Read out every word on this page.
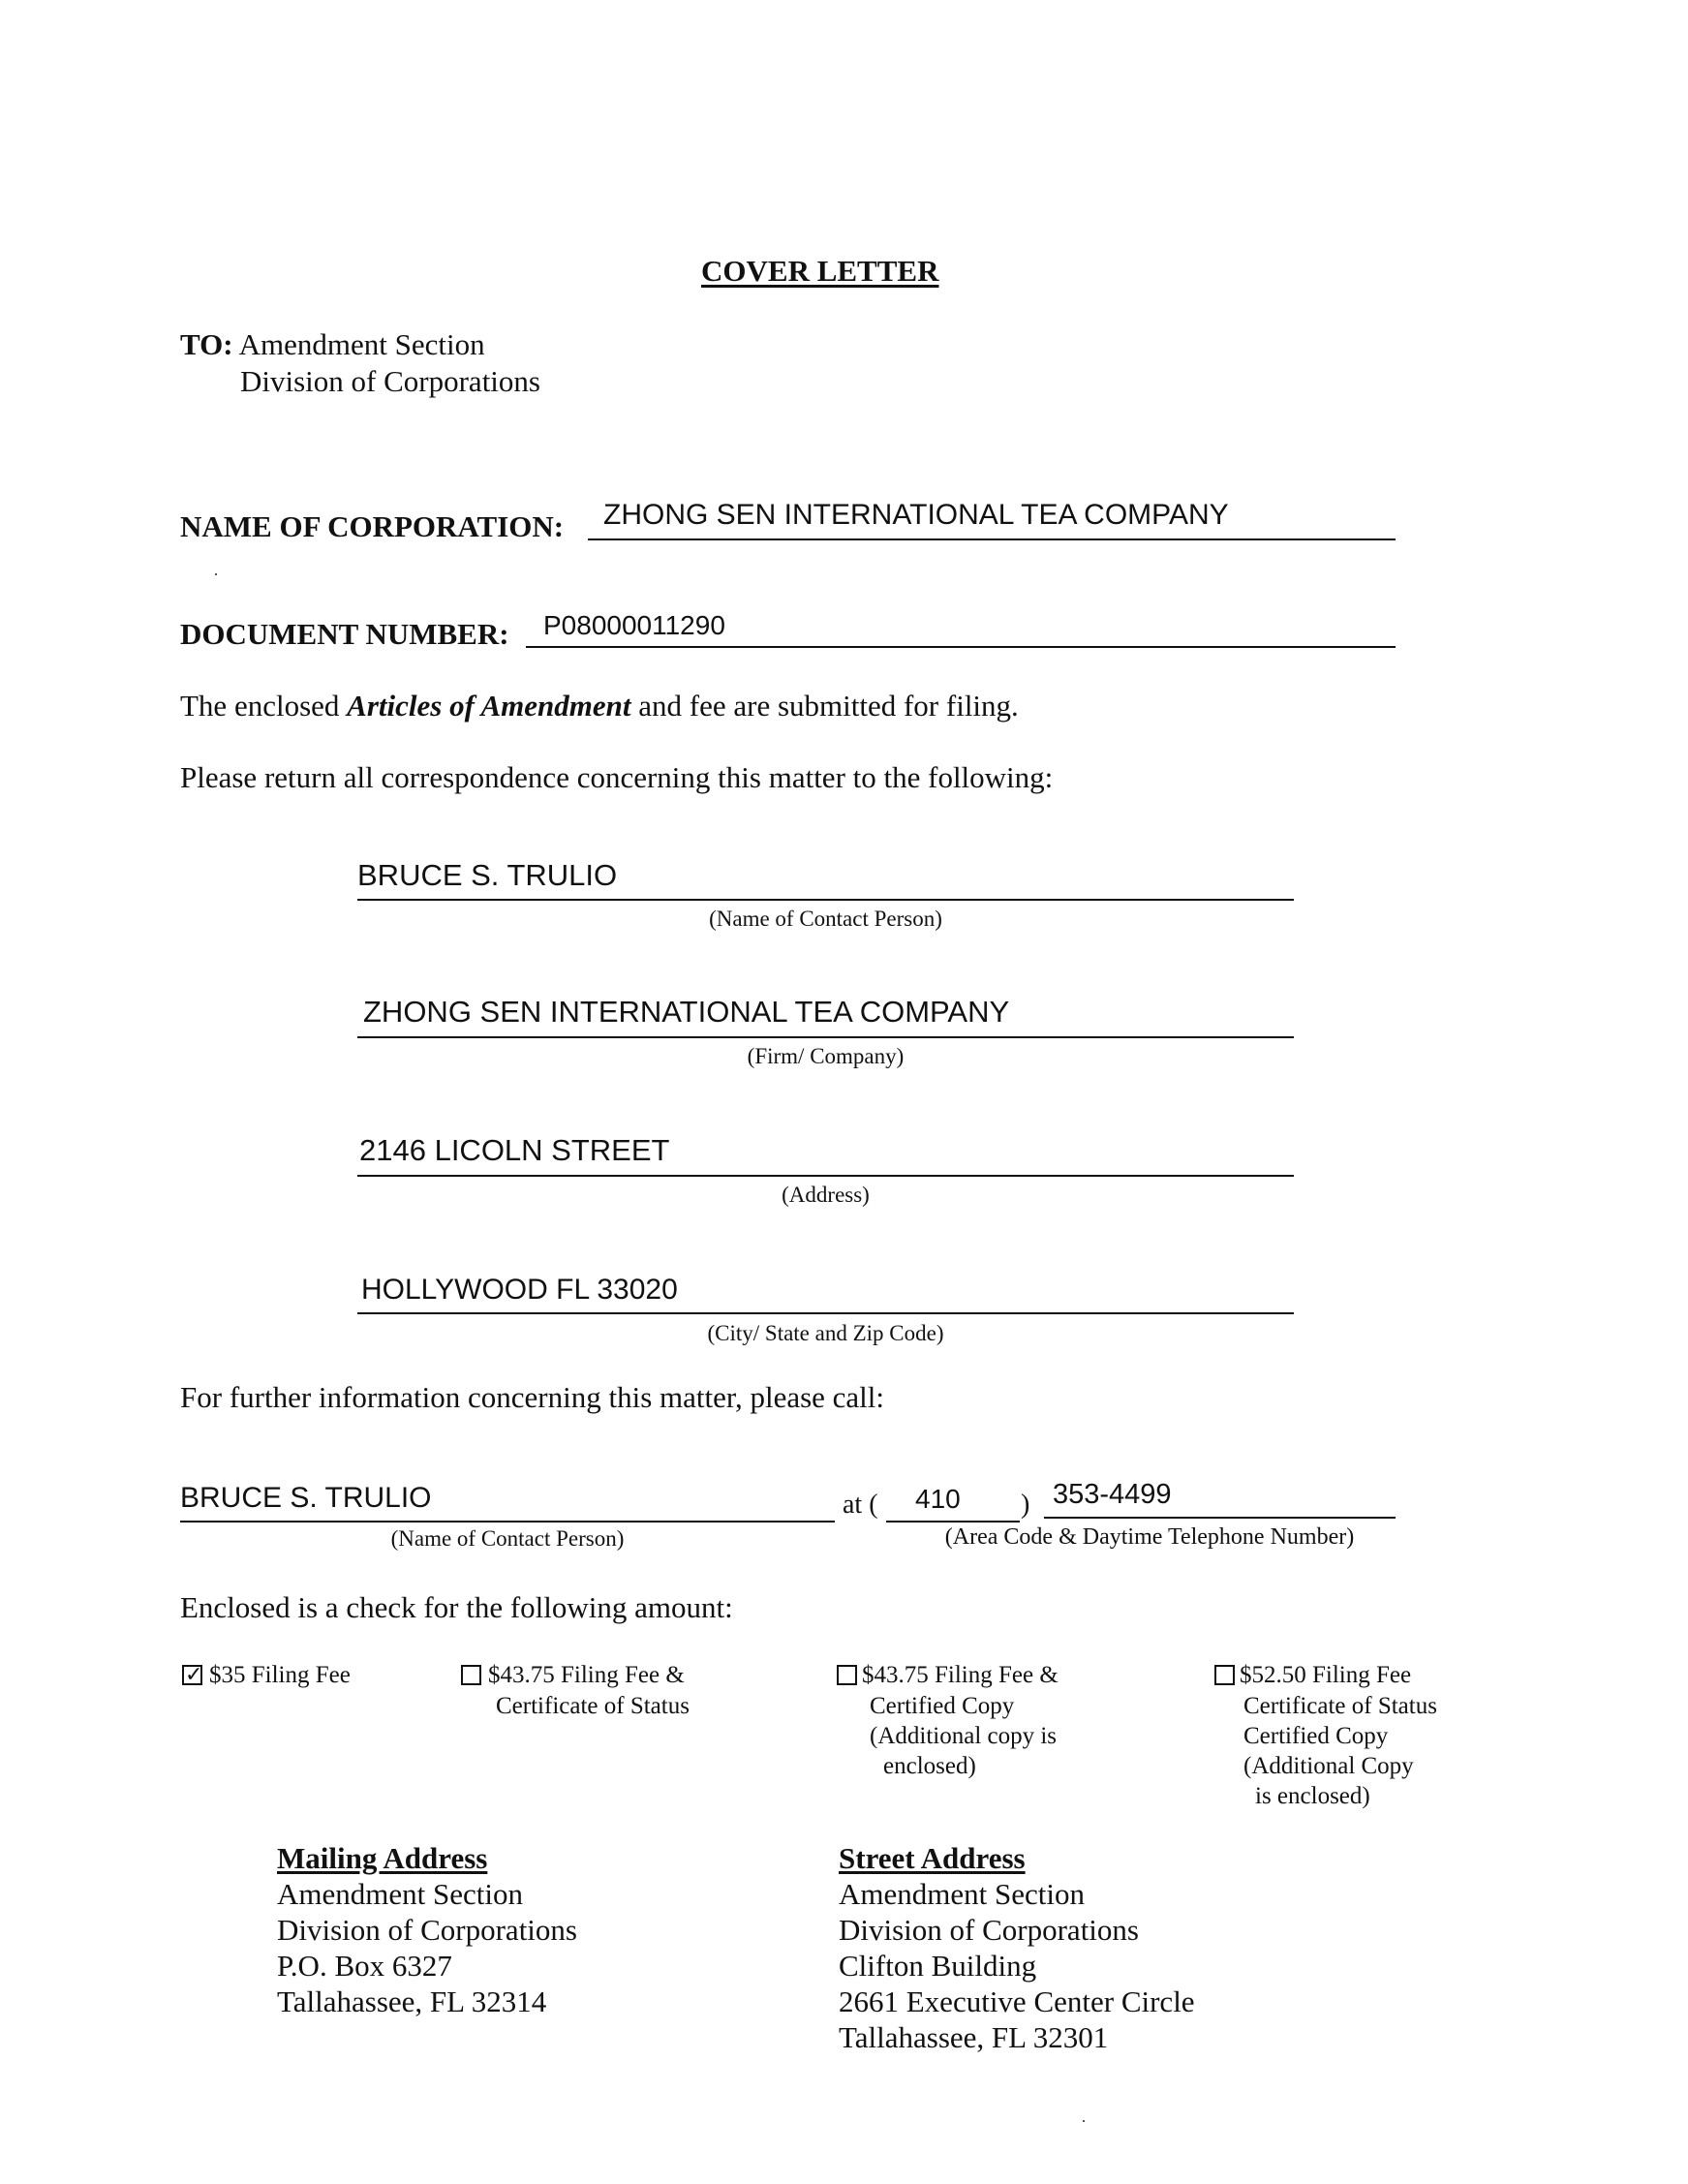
COVER LETTER
TO: Amendment Section
Division of Corporations
NAME OF CORPORATION: ZHONG SEN INTERNATIONAL TEA COMPANY
DOCUMENT NUMBER: P08000011290
The enclosed Articles of Amendment and fee are submitted for filing.
Please return all correspondence concerning this matter to the following:
BRUCE S. TRULIO
(Name of Contact Person)
ZHONG SEN INTERNATIONAL TEA COMPANY
(Firm/ Company)
2146 LICOLN STREET
(Address)
HOLLYWOOD FL 33020
(City/ State and Zip Code)
For further information concerning this matter, please call:
BRUCE S. TRULIO
(Name of Contact Person)
at ( 410 ) 353-4499
(Area Code & Daytime Telephone Number)
Enclosed is a check for the following amount:
✓ $35 Filing Fee	$43.75 Filing Fee &
Certificate of Status
$43.75 Filing Fee &
Certified Copy
(Additional copy is
enclosed)
$52.50 Filing Fee
Certificate of Status
Certified Copy
(Additional Copy
is enclosed)
Mailing Address
Amendment Section
Division of Corporations
P.O. Box 6327
Tallahassee, FL 32314
Street Address
Amendment Section
Division of Corporations
Clifton Building
2661 Executive Center Circle
Tallahassee, FL 32301
